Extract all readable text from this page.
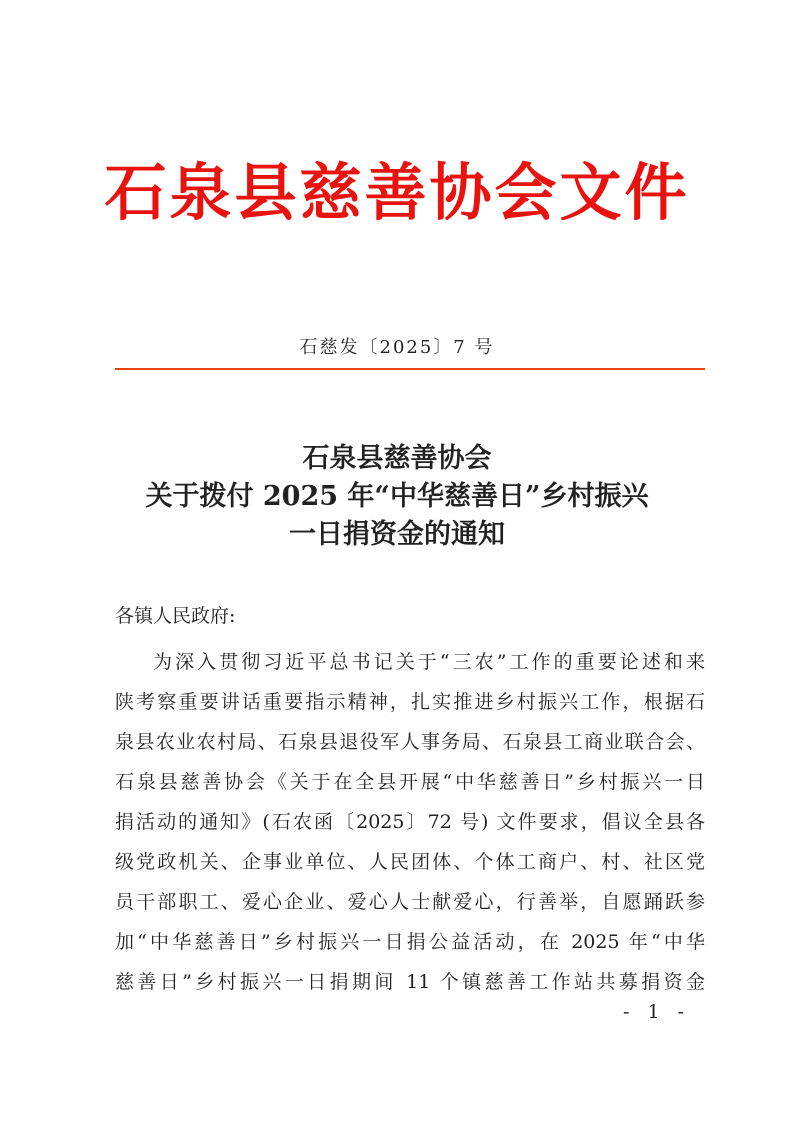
石泉县慈善协会文件
石慈发〔2025〕7 号
石泉县慈善协会
关于拨付 2025 年“中华慈善日”乡村振兴
一日捐资金的通知
各镇人民政府:
为深入贯彻习近平总书记关于“三农”工作的重要论述和来
陕考察重要讲话重要指示精神，扎实推进乡村振兴工作，根据石
泉县农业农村局、石泉县退役军人事务局、石泉县工商业联合会、
石泉县慈善协会《关于在全县开展“中华慈善日”乡村振兴一日
捐活动的通知》(石农函〔2025〕72 号) 文件要求，倡议全县各
级党政机关、企事业单位、人民团体、个体工商户、村、社区党
员干部职工、爱心企业、爱心人士献爱心，行善举，自愿踊跃参
加“中华慈善日”乡村振兴一日捐公益活动，在 2025 年“中华
慈善日”乡村振兴一日捐期间 11 个镇慈善工作站共募捐资金
- 1 -
